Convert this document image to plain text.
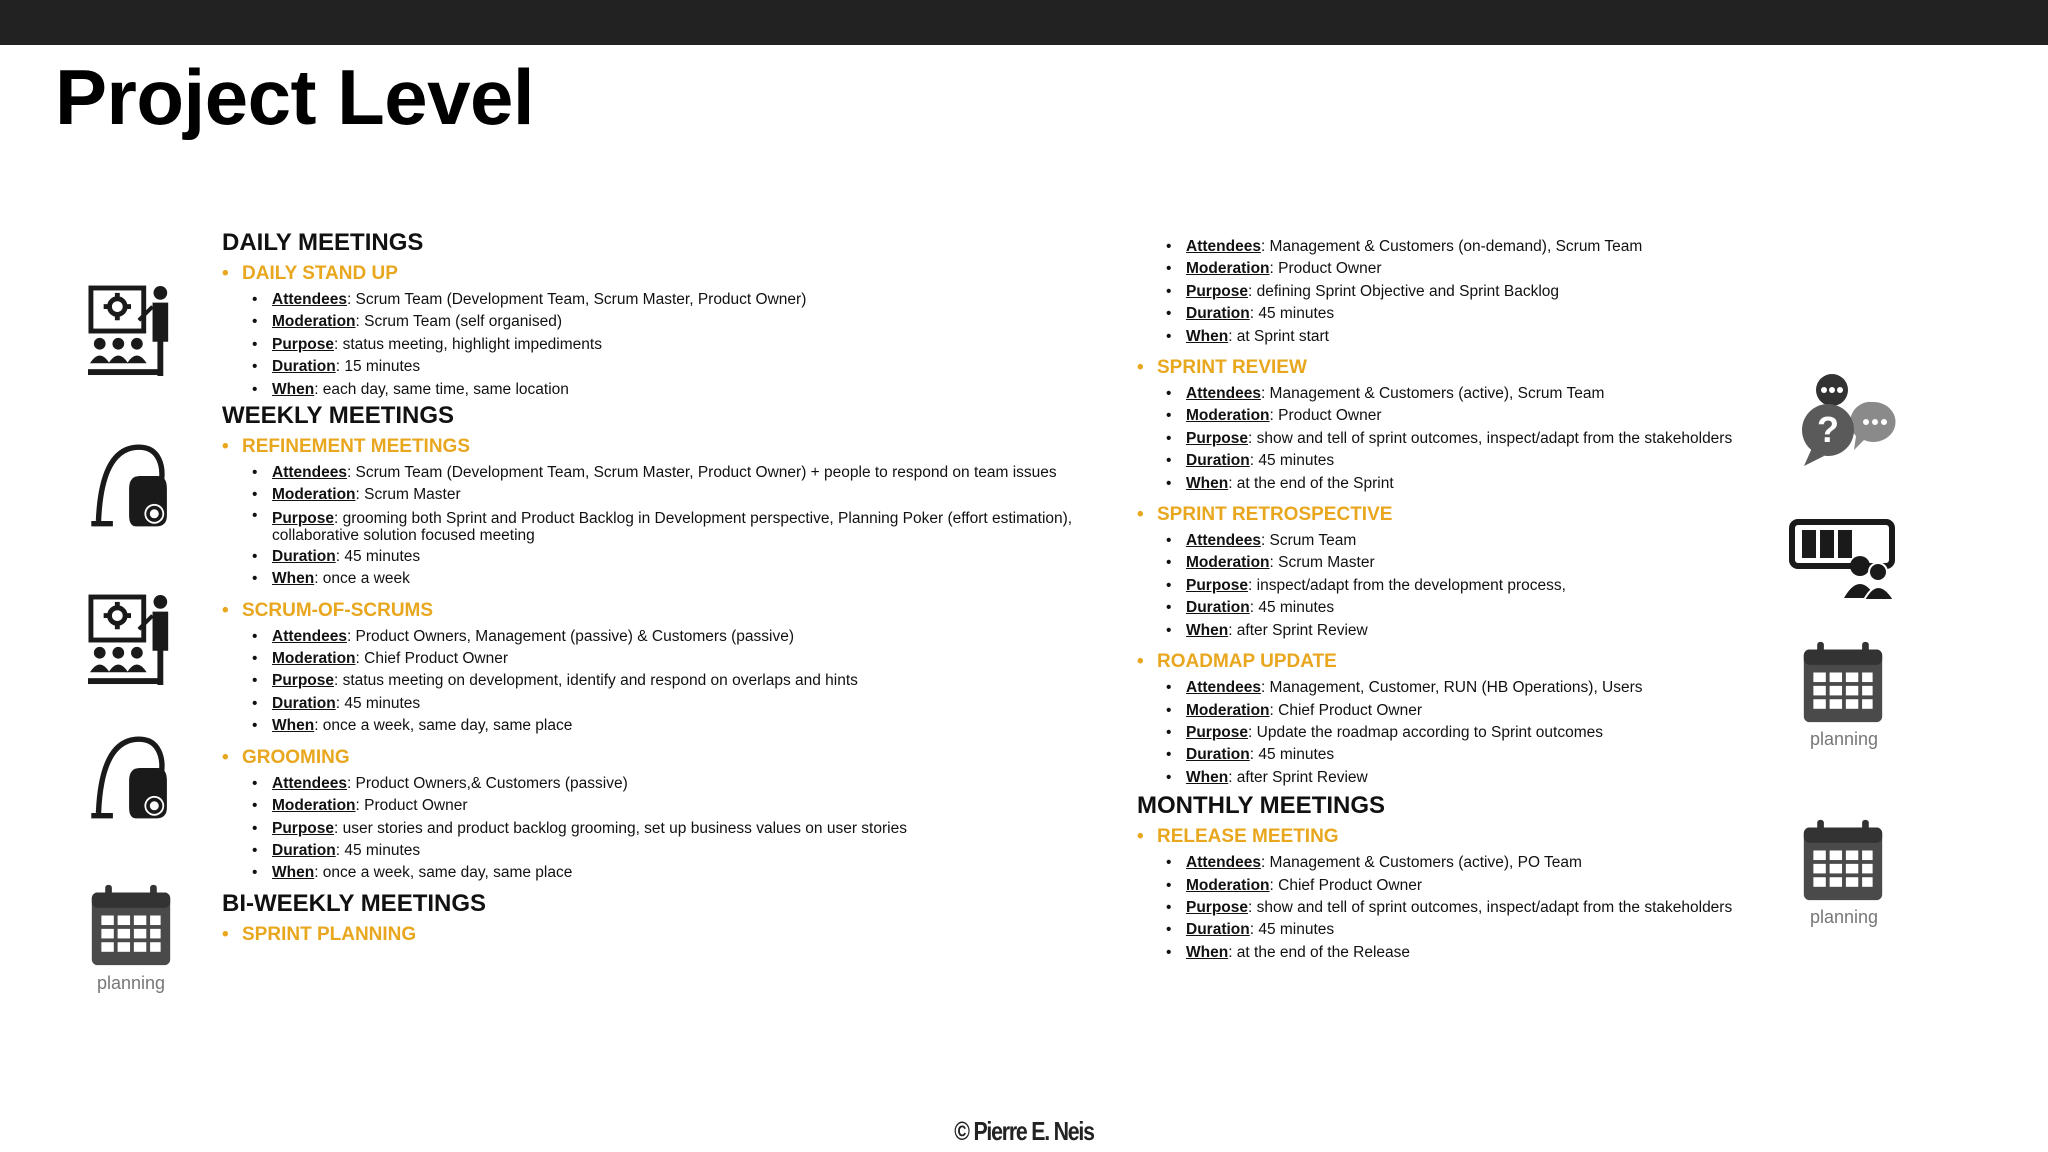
Project Level
planning
?
planning
planning
DAILY MEETINGS
• DAILY STAND UP
• Attendees: Scrum Team (Development Team, Scrum Master, Product Owner)
• Moderation: Scrum Team (self organised)
• Purpose: status meeting, highlight impediments
• Duration: 15 minutes
• When: each day, same time, same location
WEEKLY MEETINGS
• REFINEMENT MEETINGS
• Attendees: Scrum Team (Development Team, Scrum Master, Product Owner) + people to respond on team issues
• Moderation: Scrum Master
• Purpose: grooming both Sprint and Product Backlog in Development perspective, Planning Poker (effort estimation), collaborative solution focused meeting
• Duration: 45 minutes
• When: once a week
• SCRUM-OF-SCRUMS
• Attendees: Product Owners, Management (passive) & Customers (passive)
• Moderation: Chief Product Owner
• Purpose: status meeting on development, identify and respond on overlaps and hints
• Duration: 45 minutes
• When: once a week, same day, same place
• GROOMING
• Attendees: Product Owners,& Customers (passive)
• Moderation: Product Owner
• Purpose: user stories and product backlog grooming, set up business values on user stories
• Duration: 45 minutes
• When: once a week, same day, same place
BI-WEEKLY MEETINGS
• SPRINT PLANNING
• Attendees: Management & Customers (on-demand), Scrum Team
• Moderation: Product Owner
• Purpose: defining Sprint Objective and Sprint Backlog
• Duration: 45 minutes
• When: at Sprint start
• SPRINT REVIEW
• Attendees: Management & Customers (active), Scrum Team
• Moderation: Product Owner
• Purpose: show and tell of sprint outcomes, inspect/adapt from the stakeholders
• Duration: 45 minutes
• When: at the end of the Sprint
• SPRINT RETROSPECTIVE
• Attendees: Scrum Team
• Moderation: Scrum Master
• Purpose: inspect/adapt from the development process,
• Duration: 45 minutes
• When: after Sprint Review
• ROADMAP UPDATE
• Attendees: Management, Customer, RUN (HB Operations), Users
• Moderation: Chief Product Owner
• Purpose: Update the roadmap according to Sprint outcomes
• Duration: 45 minutes
• When: after Sprint Review
MONTHLY MEETINGS
• RELEASE MEETING
• Attendees: Management & Customers (active), PO Team
• Moderation: Chief Product Owner
• Purpose: show and tell of sprint outcomes, inspect/adapt from the stakeholders
• Duration: 45 minutes
• When: at the end of the Release
© Pierre E. Neis
